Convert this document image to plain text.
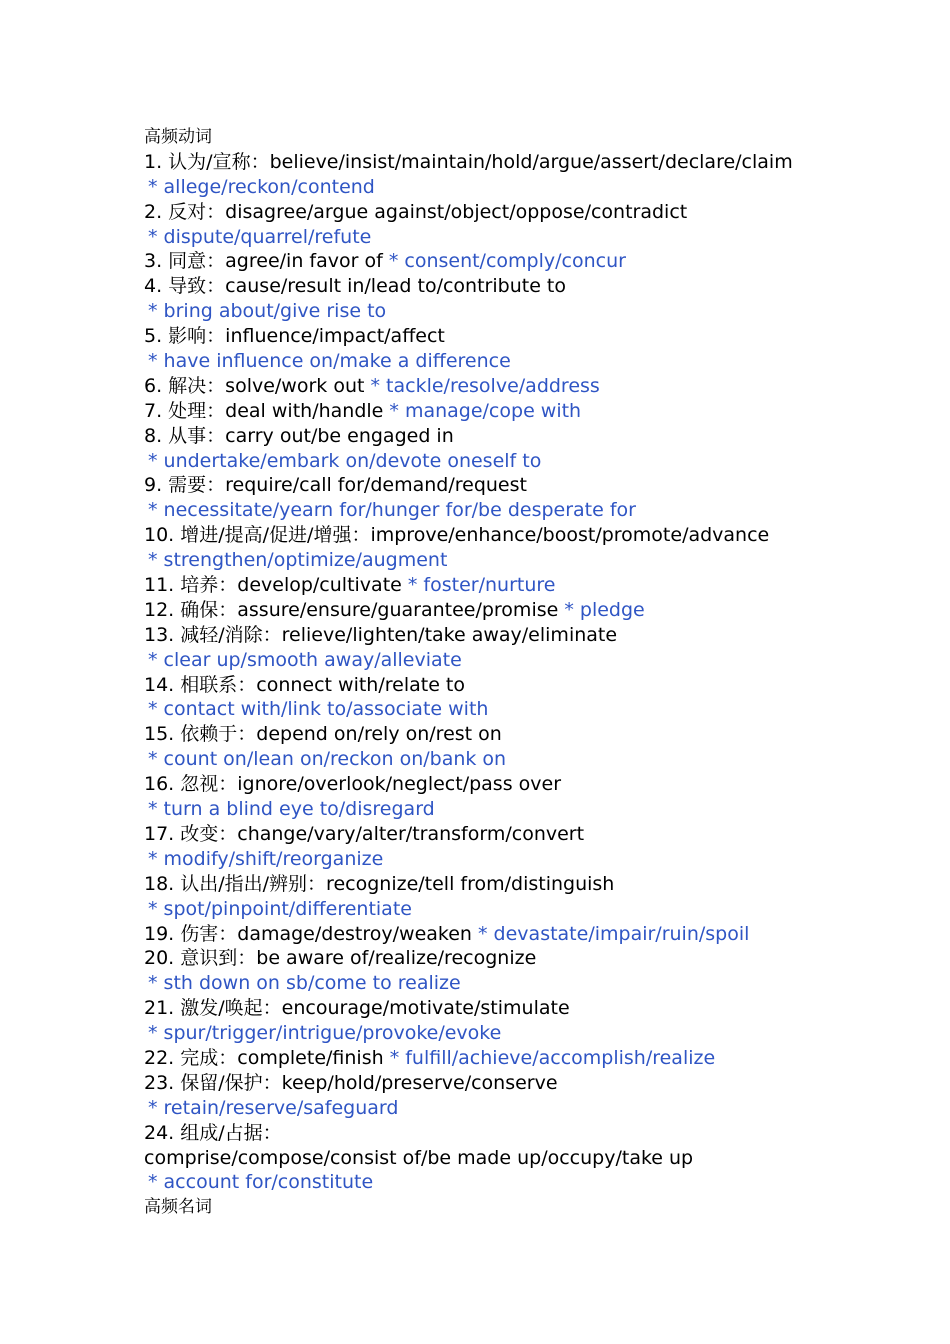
高频动词
1. 认为/宣称：believe/insist/maintain/hold/argue/assert/declare/claim
* allege/reckon/contend
2. 反对：disagree/argue against/object/oppose/contradict
* dispute/quarrel/refute
3. 同意：agree/in favor of * consent/comply/concur
4. 导致：cause/result in/lead to/contribute to
* bring about/give rise to
5. 影响：influence/impact/affect
* have influence on/make a difference
6. 解决：solve/work out * tackle/resolve/address
7. 处理：deal with/handle * manage/cope with
8. 从事：carry out/be engaged in
* undertake/embark on/devote oneself to
9. 需要：require/call for/demand/request
* necessitate/yearn for/hunger for/be desperate for
10. 增进/提高/促进/增强：improve/enhance/boost/promote/advance
* strengthen/optimize/augment
11. 培养：develop/cultivate * foster/nurture
12. 确保：assure/ensure/guarantee/promise * pledge
13. 减轻/消除：relieve/lighten/take away/eliminate
* clear up/smooth away/alleviate
14. 相联系：connect with/relate to
* contact with/link to/associate with
15. 依赖于：depend on/rely on/rest on
* count on/lean on/reckon on/bank on
16. 忽视：ignore/overlook/neglect/pass over
* turn a blind eye to/disregard
17. 改变：change/vary/alter/transform/convert
* modify/shift/reorganize
18. 认出/指出/辨别：recognize/tell from/distinguish
* spot/pinpoint/differentiate
19. 伤害：damage/destroy/weaken * devastate/impair/ruin/spoil
20. 意识到：be aware of/realize/recognize
* sth down on sb/come to realize
21. 激发/唤起：encourage/motivate/stimulate
* spur/trigger/intrigue/provoke/evoke
22. 完成：complete/finish * fulfill/achieve/accomplish/realize
23. 保留/保护：keep/hold/preserve/conserve
* retain/reserve/safeguard
24. 组成/占据：
comprise/compose/consist of/be made up/occupy/take up
* account for/constitute
高频名词
